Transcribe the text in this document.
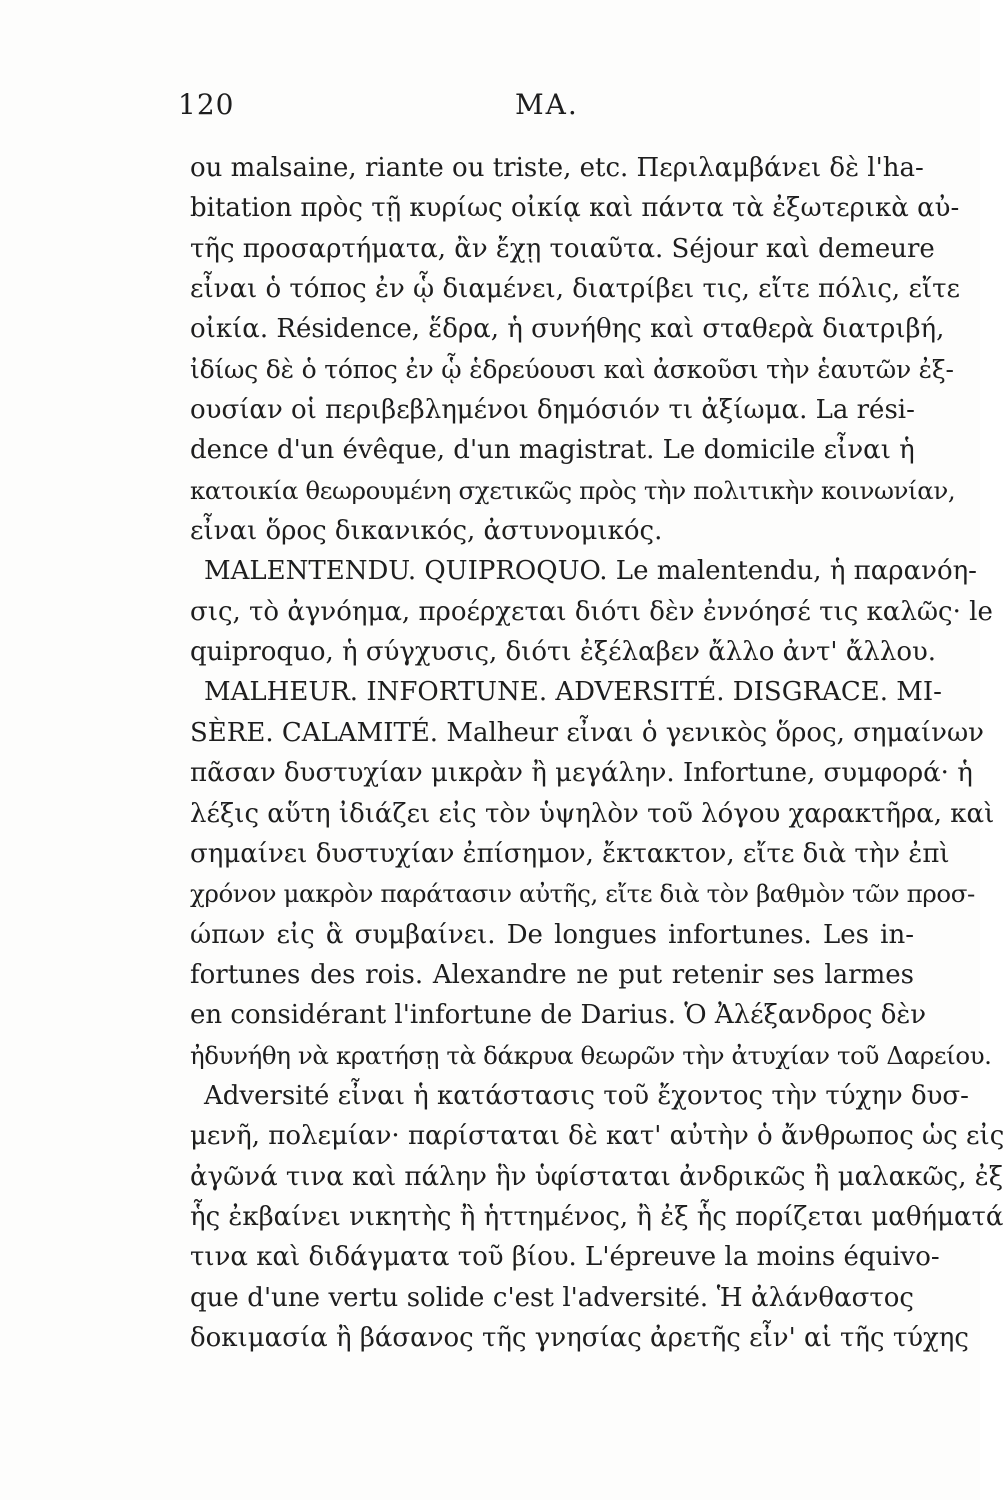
120	MA.
ou malsaine, riante ou triste, etc. Περιλαμβάνει δὲ l'ha-
bitation πρὸς τῇ κυρίως οἰκίᾳ καὶ πάντα τὰ ἐξωτερικὰ αὐ-
τῆς προσαρτήματα, ἂν ἔχῃ τοιαῦτα. Séjour καὶ demeure
εἶναι ὁ τόπος ἐν ᾧ διαμένει, διατρίβει τις, εἴτε πόλις, εἴτε
οἰκία. Résidence, ἕδρα, ἡ συνήθης καὶ σταθερὰ διατριβή,
ἰδίως δὲ ὁ τόπος ἐν ᾧ ἑδρεύουσι καὶ ἀσκοῦσι τὴν ἑαυτῶν ἐξ-
ουσίαν οἱ περιβεβλημένοι δημόσιόν τι ἀξίωμα. La rési-
dence d'un évêque, d'un magistrat. Le domicile εἶναι ἡ
κατοικία θεωρουμένη σχετικῶς πρὸς τὴν πολιτικὴν κοινωνίαν,
εἶναι ὅρος δικανικός, ἀστυνομικός.
MALENTENDU. QUIPROQUO. Le malentendu, ἡ παρανόη-
σις, τὸ ἀγνόημα, προέρχεται διότι δὲν ἐννόησέ τις καλῶς· le
quiproquo, ἡ σύγχυσις, διότι ἐξέλαβεν ἄλλο ἀντ' ἄλλου.
MALHEUR. INFORTUNE. ADVERSITÉ. DISGRACE. MI-
SÈRE. CALAMITÉ. Malheur εἶναι ὁ γενικὸς ὅρος, σημαίνων
πᾶσαν δυστυχίαν μικρὰν ἢ μεγάλην. Infortune, συμφορά· ἡ
λέξις αὕτη ἰδιάζει εἰς τὸν ὑψηλὸν τοῦ λόγου χαρακτῆρα, καὶ
σημαίνει δυστυχίαν ἐπίσημον, ἔκτακτον, εἴτε διὰ τὴν ἐπὶ
χρόνον μακρὸν παράτασιν αὐτῆς, εἴτε διὰ τὸν βαθμὸν τῶν προσ-
ώπων εἰς ἃ συμβαίνει. De longues infortunes. Les in-
fortunes des rois. Alexandre ne put retenir ses larmes
en considérant l'infortune de Darius. Ὁ Ἀλέξανδρος δὲν
ἠδυνήθη νὰ κρατήσῃ τὰ δάκρυα θεωρῶν τὴν ἀτυχίαν τοῦ Δαρείου.
Adversité εἶναι ἡ κατάστασις τοῦ ἔχοντος τὴν τύχην δυσ-
μενῆ, πολεμίαν· παρίσταται δὲ κατ' αὐτὴν ὁ ἄνθρωπος ὡς εἰς
ἀγῶνά τινα καὶ πάλην ἣν ὑφίσταται ἀνδρικῶς ἢ μαλακῶς, ἐξ
ἧς ἐκβαίνει νικητὴς ἢ ἡττημένος, ἢ ἐξ ἧς πορίζεται μαθήματά
τινα καὶ διδάγματα τοῦ βίου. L'épreuve la moins équivo-
que d'une vertu solide c'est l'adversité. Ἡ ἀλάνθαστος
δοκιμασία ἢ βάσανος τῆς γνησίας ἀρετῆς εἶν' αἱ τῆς τύχης
